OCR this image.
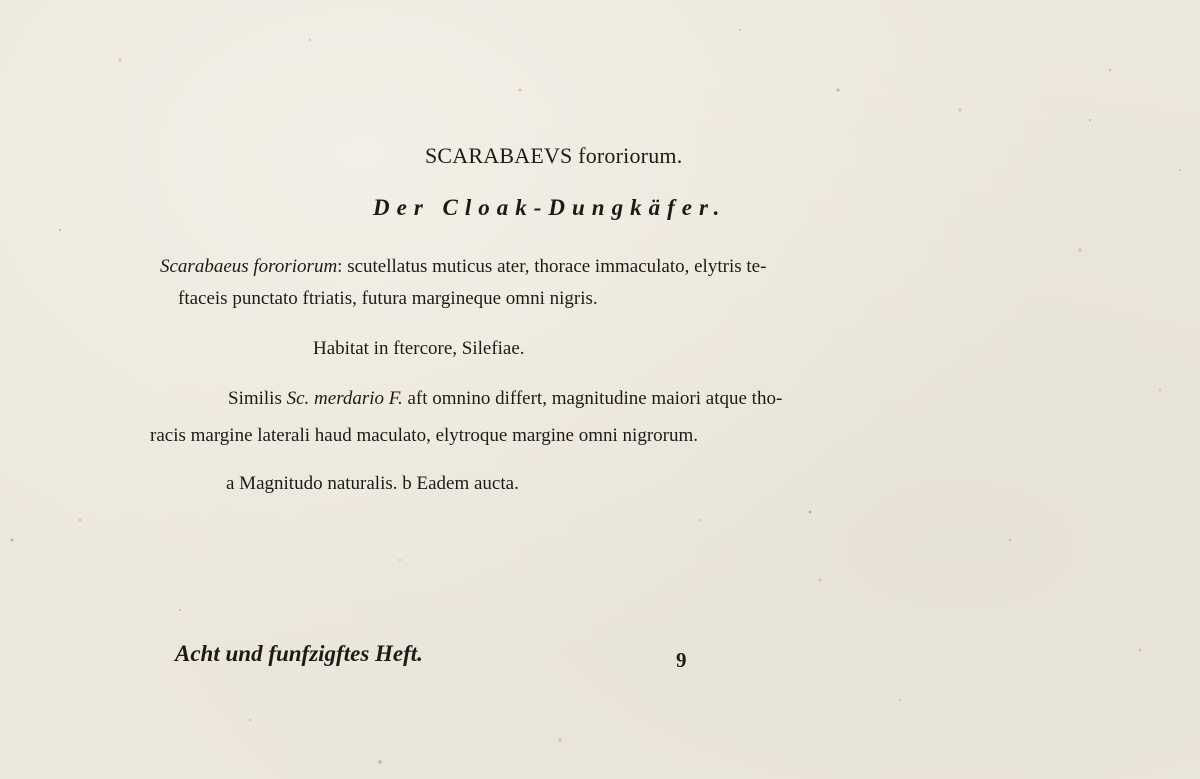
SCARABAEVS fororiorum.
Der Cloak-Dungkäfer.
Scarabaeus fororiorum: scutellatus muticus ater, thorace immaculato, elytris te-
ftaceis punctato ftriatis, futura margineque omni nigris.
Habitat in ftercore, Silefiae.
Similis Sc. merdario F. aft omnino differt, magnitudine maiori atque tho-
racis margine laterali haud maculato, elytroque margine omni nigrorum.
a Magnitudo naturalis. b Eadem aucta.
Acht und funfzigftes Heft.	9
